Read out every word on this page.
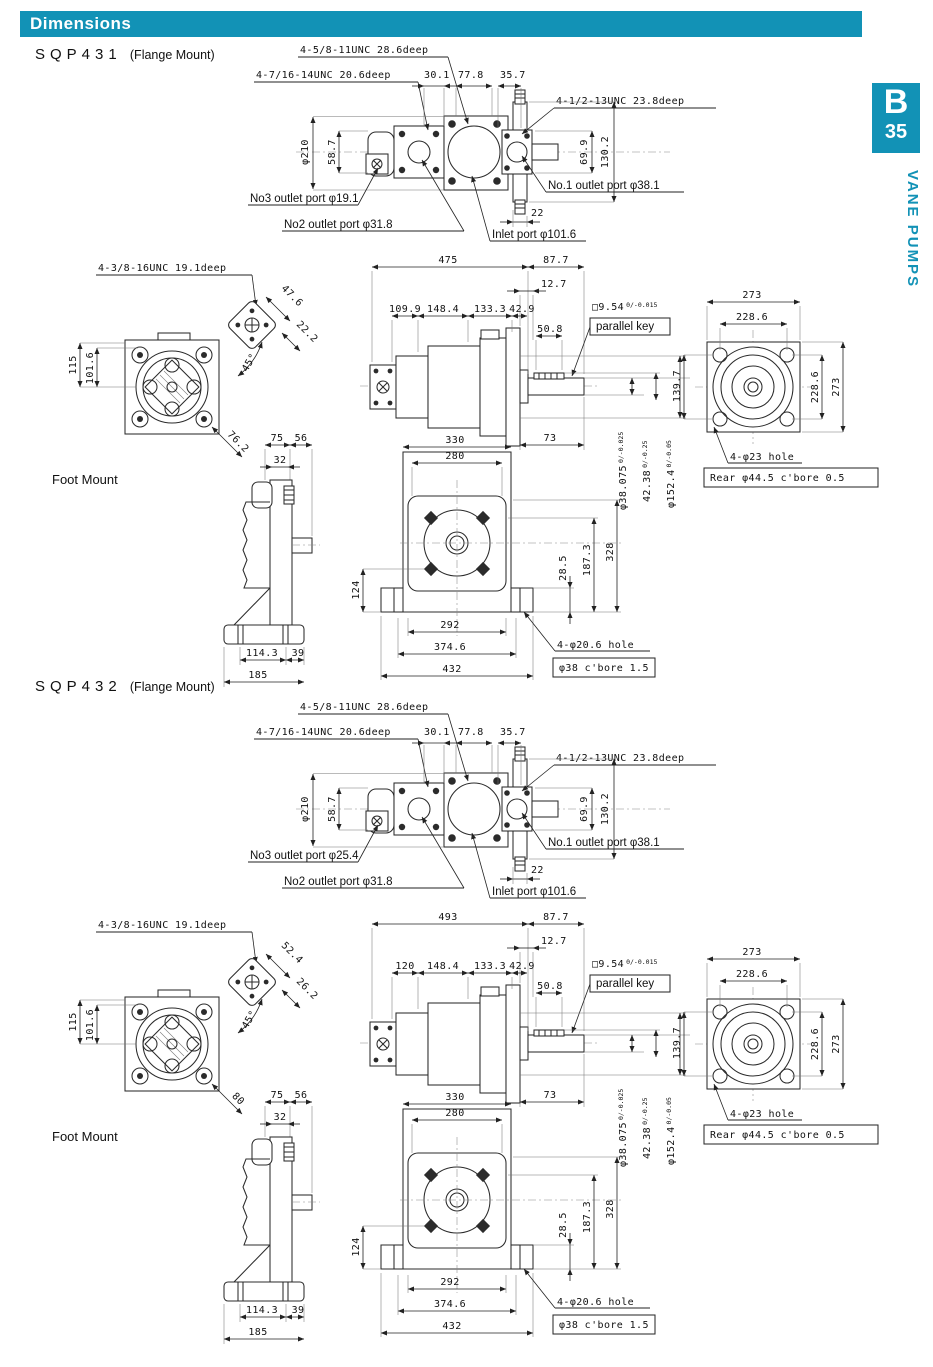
Dimensions
B
35
VANE PUMPS
SQP431 (Flange Mount)	4-5/8-11UNC 28.6deep
4-7/16-14UNC 20.6deep	30.1 77.8 35.7
4-1/2-13UNC 23.8deep
φ210 58.7	69.9 130.2
22
No3 outlet port φ19.1
No2 outlet port φ31.8
No.1 outlet port φ38.1
Inlet port φ101.6
4-3/8-16UNC 19.1deep
47.6
22.2
45°
115 101.6
76.2
475	87.7
12.7
109.9 148.4 133.3 42.9
50.8
□9.54 $^{0/-0.015}$
parallel key
73
$\varphi 38.075^{0/-0.025}$
$42.38^{0/-0.25}$
$\varphi 152.4^{0/-0.05}$
273
228.6
139.7	228.6 273
4-φ23 hole
Rear φ44.5 c'bore 0.5
Foot Mount
75 56
32
114.3 39
185
330
280
124
28.5 187.3 328
292
374.6
432
4-φ20.6 hole
φ38 c'bore 1.5
SQP432 (Flange Mount)
4-5/8-11UNC 28.6deep
4-7/16-14UNC 20.6deep	30.1 77.8 35.7
4-1/2-13UNC 23.8deep
φ210 58.7	69.9 130.2
22
No3 outlet port φ25.4
No2 outlet port φ31.8
No.1 outlet port φ38.1
Inlet port φ101.6
4-3/8-16UNC 19.1deep
52.4
26.2
45°
115 101.6
80
493	87.7
12.7
120 148.4 133.3 42.9
50.8
□9.54 $^{0/-0.015}$
parallel key
73
$\varphi 38.075^{0/-0.025}$
$42.38^{0/-0.25}$
$\varphi 152.4^{0/-0.05}$
273
228.6
139.7	228.6 273
4-φ23 hole
Rear φ44.5 c'bore 0.5
Foot Mount
75 56
32
114.3 39
185
330
280
124
28.5 187.3 328
292
374.6
432
4-φ20.6 hole
φ38 c'bore 1.5
